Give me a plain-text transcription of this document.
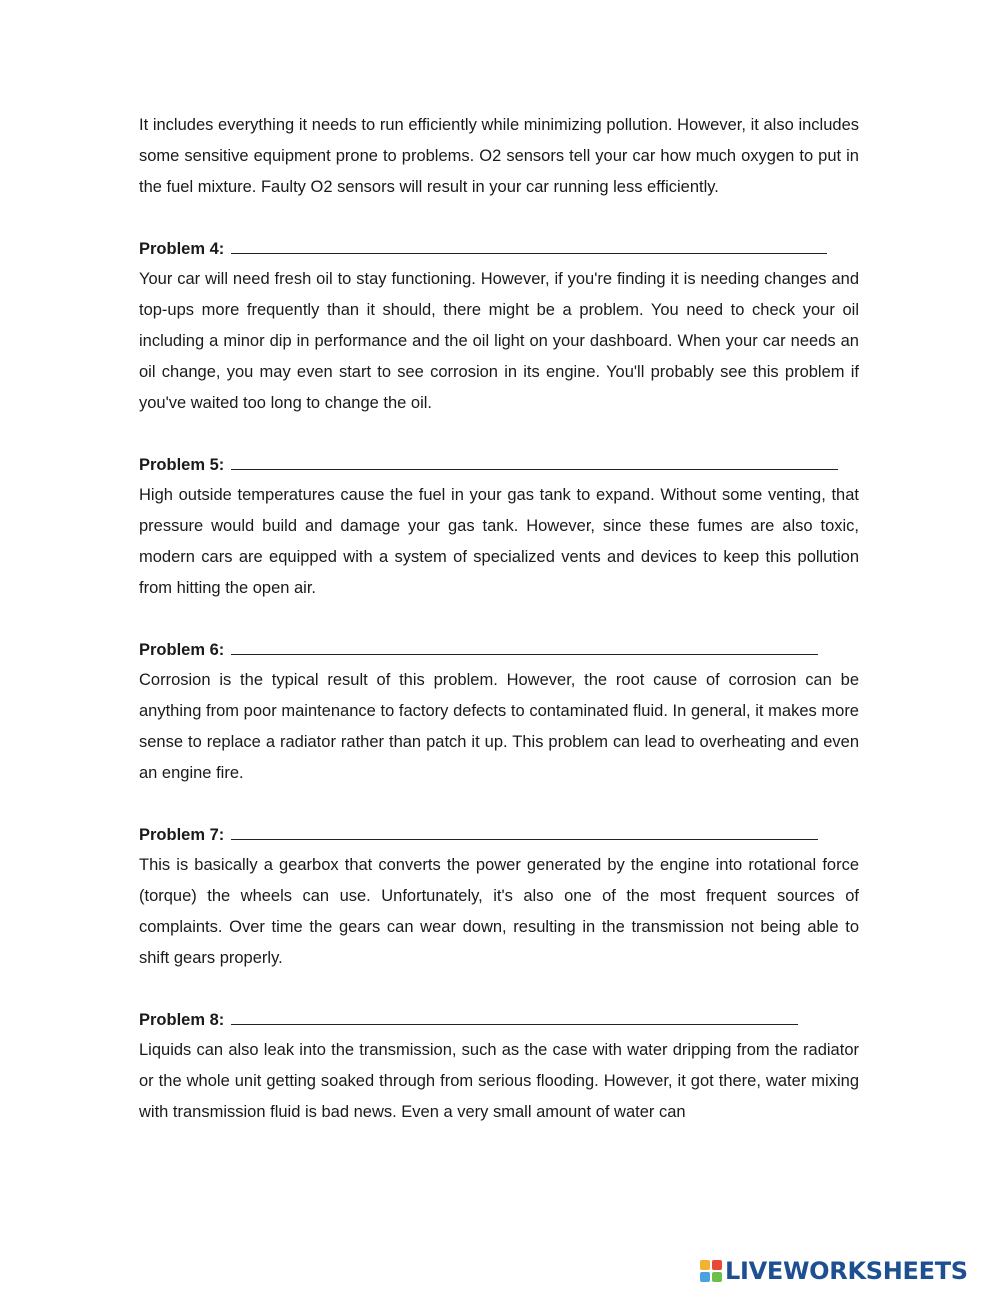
It includes everything it needs to run efficiently while minimizing pollution. However, it also includes some sensitive equipment prone to problems. O2 sensors tell your car how much oxygen to put in the fuel mixture. Faulty O2 sensors will result in your car running less efficiently.

Problem 4:

Your car will need fresh oil to stay functioning. However, if you're finding it is needing changes and top-ups more frequently than it should, there might be a problem. You need to check your oil including a minor dip in performance and the oil light on your dashboard. When your car needs an oil change, you may even start to see corrosion in its engine. You'll probably see this problem if you've waited too long to change the oil.

Problem 5:

High outside temperatures cause the fuel in your gas tank to expand. Without some venting, that pressure would build and damage your gas tank. However, since these fumes are also toxic, modern cars are equipped with a system of specialized vents and devices to keep this pollution from hitting the open air.

Problem 6:

Corrosion is the typical result of this problem. However, the root cause of corrosion can be anything from poor maintenance to factory defects to contaminated fluid. In general, it makes more sense to replace a radiator rather than patch it up. This problem can lead to overheating and even an engine fire.

Problem 7:

This is basically a gearbox that converts the power generated by the engine into rotational force (torque) the wheels can use. Unfortunately, it's also one of the most frequent sources of complaints. Over time the gears can wear down, resulting in the transmission not being able to shift gears properly.

Problem 8:

Liquids can also leak into the transmission, such as the case with water dripping from the radiator or the whole unit getting soaked through from serious flooding. However, it got there, water mixing with transmission fluid is bad news. Even a very small amount of water can

LIVEWORKSHEETS
